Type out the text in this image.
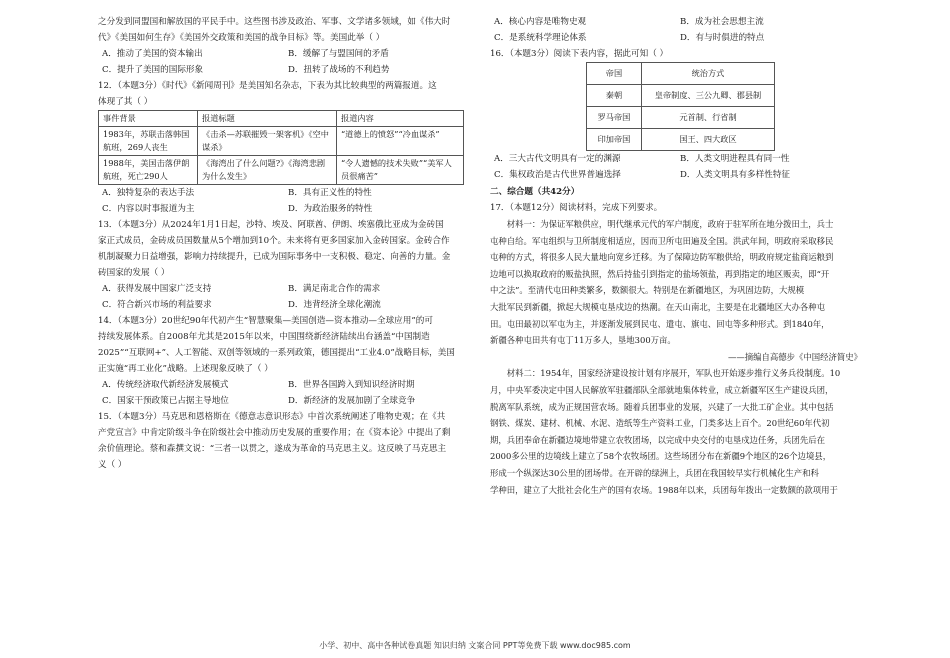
之分发到同盟国和解放国的平民手中。这些图书涉及政治、军事、文学诸多领域，如《伟大时

代》《美国如何生存》《美国外交政策和美国的战争目标》等。美国此举（ ）

A．推动了美国的资本输出	B．缓解了与盟国间的矛盾
C．提升了美国的国际形象	D．扭转了战场的不利趋势

12．（本题3分）《时代》《新闻周刊》是美国知名杂志，下表为其比较典型的两篇报道。这

体现了其（ ）

事件背景	报道标题	报道内容
1983年，苏联击落韩国航班，269人丧生	《击杀—苏联摧毁一架客机》《空中谋杀》	“道德上的愤怒”“冷血谋杀”
1988年，美国击落伊朗航班，死亡290人	《海湾出了什么问题?》《海湾悲剧为什么发生》	“令人遗憾的技术失败”“美军人员很痛苦”
A．独特复杂的表达手法	B．具有正义性的特性
C．内容以时事报道为主	D．为政治服务的特性

13．（本题3分）从2024年1月1日起，沙特、埃及、阿联酋、伊朗、埃塞俄比亚成为金砖国

家正式成员，金砖成员国数量从5个增加到10个。未来将有更多国家加入金砖国家。金砖合作

机制凝聚力日益增强，影响力持续提升，已成为国际事务中一支积极、稳定、向善的力量。金

砖国家的发展（ ）

A．获得发展中国家广泛支持	B．满足南北合作的需求
C．符合新兴市场的利益要求	D．违背经济全球化潮流

14．（本题3分）20世纪90年代初产生“智慧聚集—美国创造—资本推动—全球应用”的可

持续发展体系。自2008年尤其是2015年以来，中国围绕新经济陆续出台涵盖“中国制造

2025”“互联网+”、人工智能、双创等领域的一系列政策，德国提出“工业4.0”战略目标，美国

正实施“再工业化”战略。上述现象反映了（ ）

A．传统经济取代新经济发展模式	B．世界各国跨入到知识经济时期
C．国家干预政策已占据主导地位	D．新经济的发展加剧了全球竞争

15．（本题3分）马克思和恩格斯在《德意志意识形态》中首次系统阐述了唯物史观；在《共

产党宣言》中肯定阶级斗争在阶级社会中推动历史发展的重要作用；在《资本论》中提出了剩

余价值理论。蔡和森撰文说：“三者一以贯之，遂成为革命的马克思主义。这反映了马克思主

义（ ）

A．核心内容是唯物史观	B．成为社会思想主流
C．是系统科学理论体系	D．有与时俱进的特点

16．（本题3分）阅读下表内容，据此可知（ ）

帝国	统治方式
秦朝	皇帝制度、三公九卿、郡县制
罗马帝国	元首制、行省制
印加帝国	国王、四大政区
A．三大古代文明具有一定的渊源	B．人类文明进程具有同一性
C．集权政治是古代世界普遍选择	D．人类文明具有多样性特征

二、综合题（共42分）

17．（本题12分）阅读材料，完成下列要求。

材料一：为保证军粮供应，明代继承元代的军户制度，政府于驻军所在地分拨田土，兵士

屯种自给。军屯组织与卫所制度相适应，因而卫所屯田遍及全国。洪武年间，明政府采取移民

屯种的方式，将很多人民大量地向宽乡迁移。为了保障边防军粮供给，明政府规定盐商运粮到

边地可以换取政府的贩盐执照，然后持盐引到指定的盐场领盐，再到指定的地区贩卖，即“开

中之法”。至清代屯田种类繁多，数额很大。特别是在新疆地区，为巩固边防，大规模

大批军民到新疆，掀起大规模屯垦戍边的热潮。在天山南北，主要是在北疆地区大办各种屯

田。屯田最初以军屯为主，并逐渐发展到民屯、遣屯、旗屯、回屯等多种形式。到1840年，

新疆各种屯田共有屯丁11万多人，垦地300万亩。

——摘编自高德步《中国经济简史》

材料二：1954年，国家经济建设按计划有序展开，军队也开始逐步推行义务兵役制度。10

月，中央军委决定中国人民解放军驻疆部队全部就地集体转业，成立新疆军区生产建设兵团，

脱离军队系统，成为正规国营农场。随着兵团事业的发展，兴建了一大批工矿企业。其中包括

钢铁、煤炭、建材、机械、水泥、造纸等生产资料工业，门类多达上百个。20世纪60年代初

期，兵团奉命在新疆边境地带建立农牧团场，以完成中央交付的屯垦戍边任务，兵团先后在

2000多公里的边境线上建立了58个农牧场团。这些场团分布在新疆9个地区的26个边境县，

形成一个纵深达30公里的团场带。在开辟的绿洲上，兵团在我国较早实行机械化生产和科

学种田，建立了大批社会化生产的国有农场。1988年以来，兵团每年拨出一定数额的款项用于

小学、初中、高中各种试卷真题 知识归纳 文案合同 PPT等免费下载 www.doc985.com
